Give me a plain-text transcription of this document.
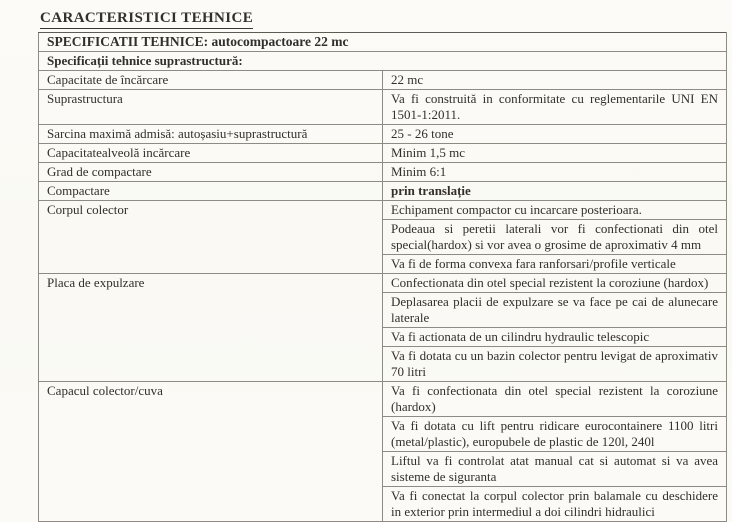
CARACTERISTICI TEHNICE
SPECIFICATII TEHNICE: autocompactoare 22 mc	
Specificații tehnice suprastructură:	
Capacitate de încărcare	22 mc
Suprastructura	Va fi construită in conformitate cu reglementarile UNI EN 1501-1:2011.
Sarcina maximă admisă: autoșasiu+suprastructură	25 - 26 tone
Capacitatealveolă incărcare	Minim 1,5 mc
Grad de compactare	Minim 6:1
Compactare	prin translație
Corpul colector	Echipament compactor cu incarcare posterioara.
	Podeaua si peretii laterali vor fi confectionati din otel special(hardox) si vor avea o grosime de aproximativ 4 mm
	Va fi de forma convexa fara ranforsari/profile verticale
Placa de expulzare	Confectionata din otel special rezistent la coroziune (hardox)
	Deplasarea placii de expulzare se va face pe cai de alunecare laterale
	Va fi actionata de un cilindru hydraulic telescopic
	Va fi dotata cu un bazin colector pentru levigat de aproximativ 70 litri
Capacul colector/cuva	Va fi confectionata din otel special rezistent la coroziune (hardox)
	Va fi dotata cu lift pentru ridicare eurocontainere 1100 litri (metal/plastic), europubele de plastic de 120l, 240l
	Liftul va fi controlat atat manual cat si automat si va avea sisteme de siguranta
	Va fi conectat la corpul colector prin balamale cu deschidere in exterior prin intermediul a doi cilindri hidraulici
